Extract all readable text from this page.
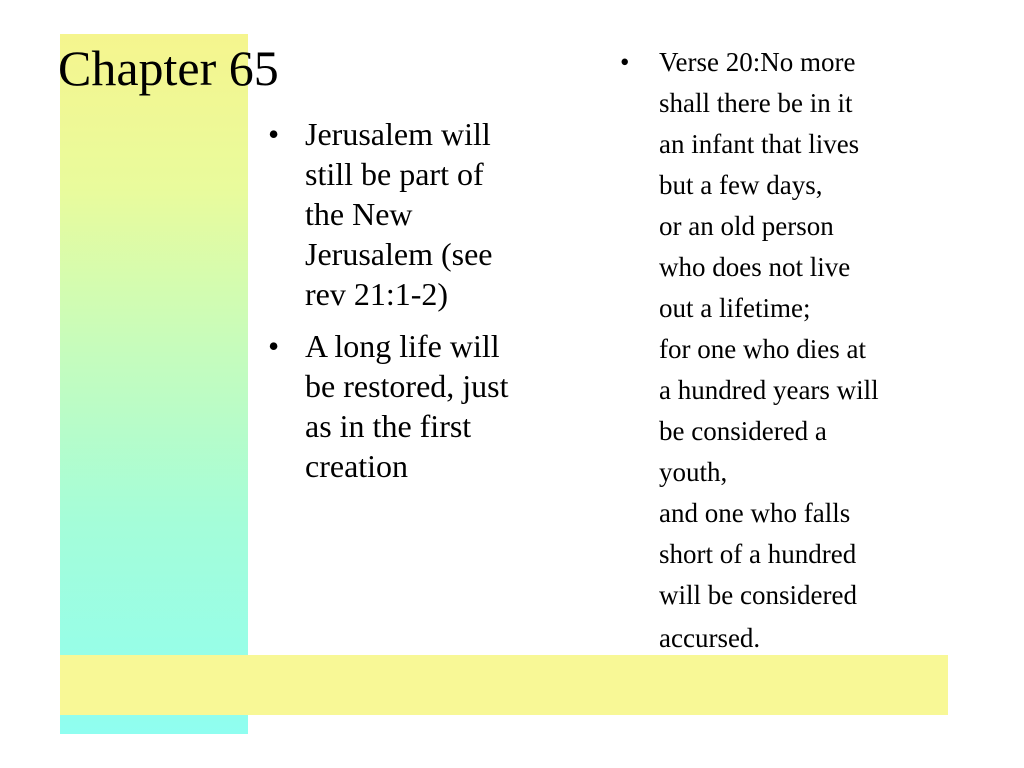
Chapter 65
• Jerusalem will
still be part of
the New
Jerusalem (see
rev 21:1-2)
• A long life will
be restored, just
as in the first
creation
• Verse 20:No more
shall there be in it
an infant that lives
but a few days,
or an old person
who does not live
out a lifetime;
for one who dies at
a hundred years will
be considered a
youth,
and one who falls
short of a hundred
will be considered
accursed.
